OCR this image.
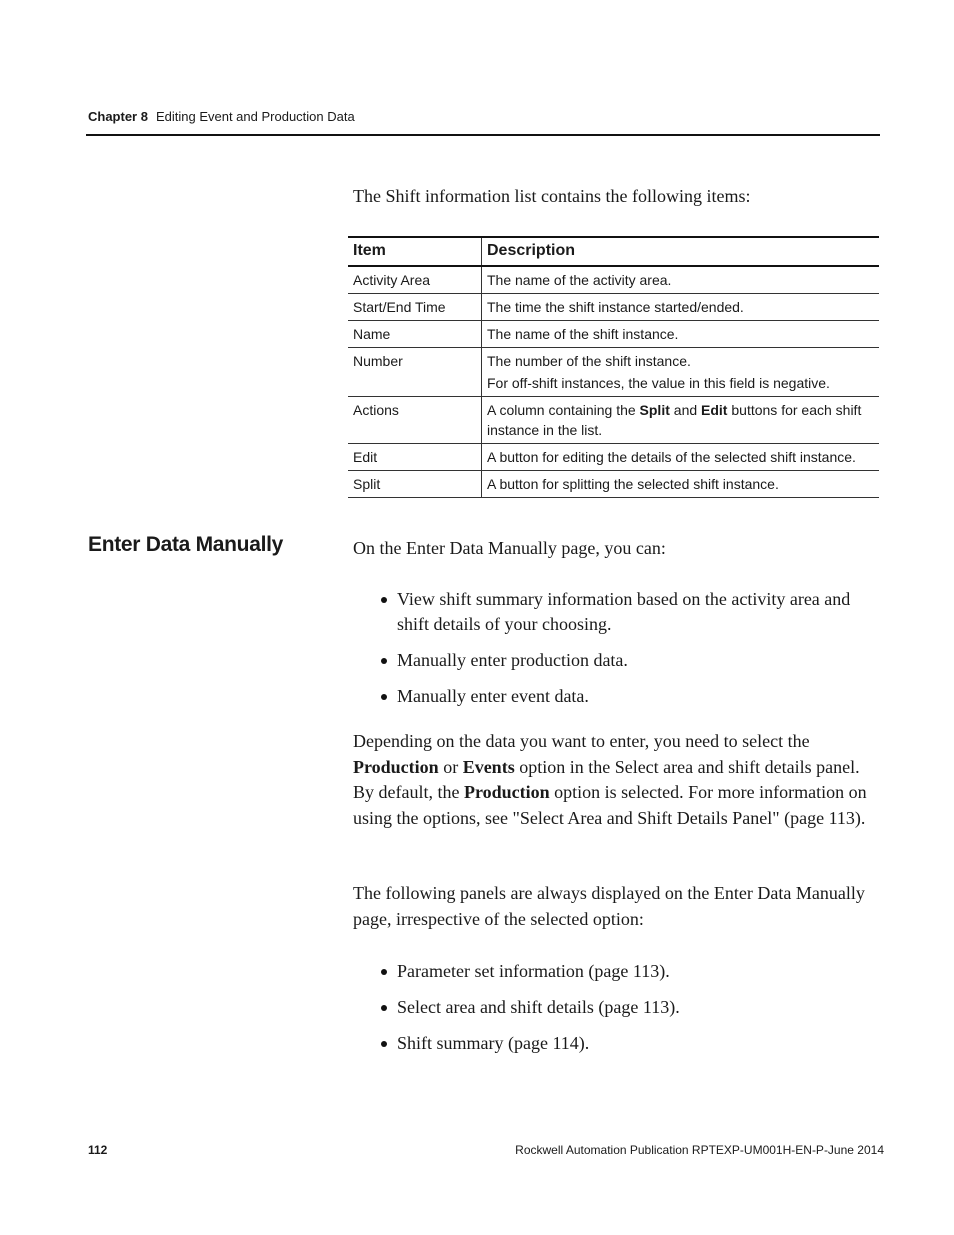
Chapter 8 Editing Event and Production Data
The Shift information list contains the following items:
Item	Description
Activity Area	The name of the activity area.
Start/End Time	The time the shift instance started/ended.
Name	The name of the shift instance.
Number	The number of the shift instance.
For off-shift instances, the value in this field is negative.

Actions	A column containing the Split and Edit buttons for each shift instance in the list.
Edit	A button for editing the details of the selected shift instance.
Split	A button for splitting the selected shift instance.
Enter Data Manually	On the Enter Data Manually page, you can:
View shift summary information based on the activity area and shift details of your choosing.
Manually enter production data.
Manually enter event data.
Depending on the data you want to enter, you need to select the Production or Events option in the Select area and shift details panel. By default, the Production option is selected. For more information on using the options, see "Select Area and Shift Details Panel" (page 113).
The following panels are always displayed on the Enter Data Manually page, irrespective of the selected option:
Parameter set information (page 113).
Select area and shift details (page 113).
Shift summary (page 114).
112	Rockwell Automation Publication RPTEXP-UM001H-EN-P-June 2014
